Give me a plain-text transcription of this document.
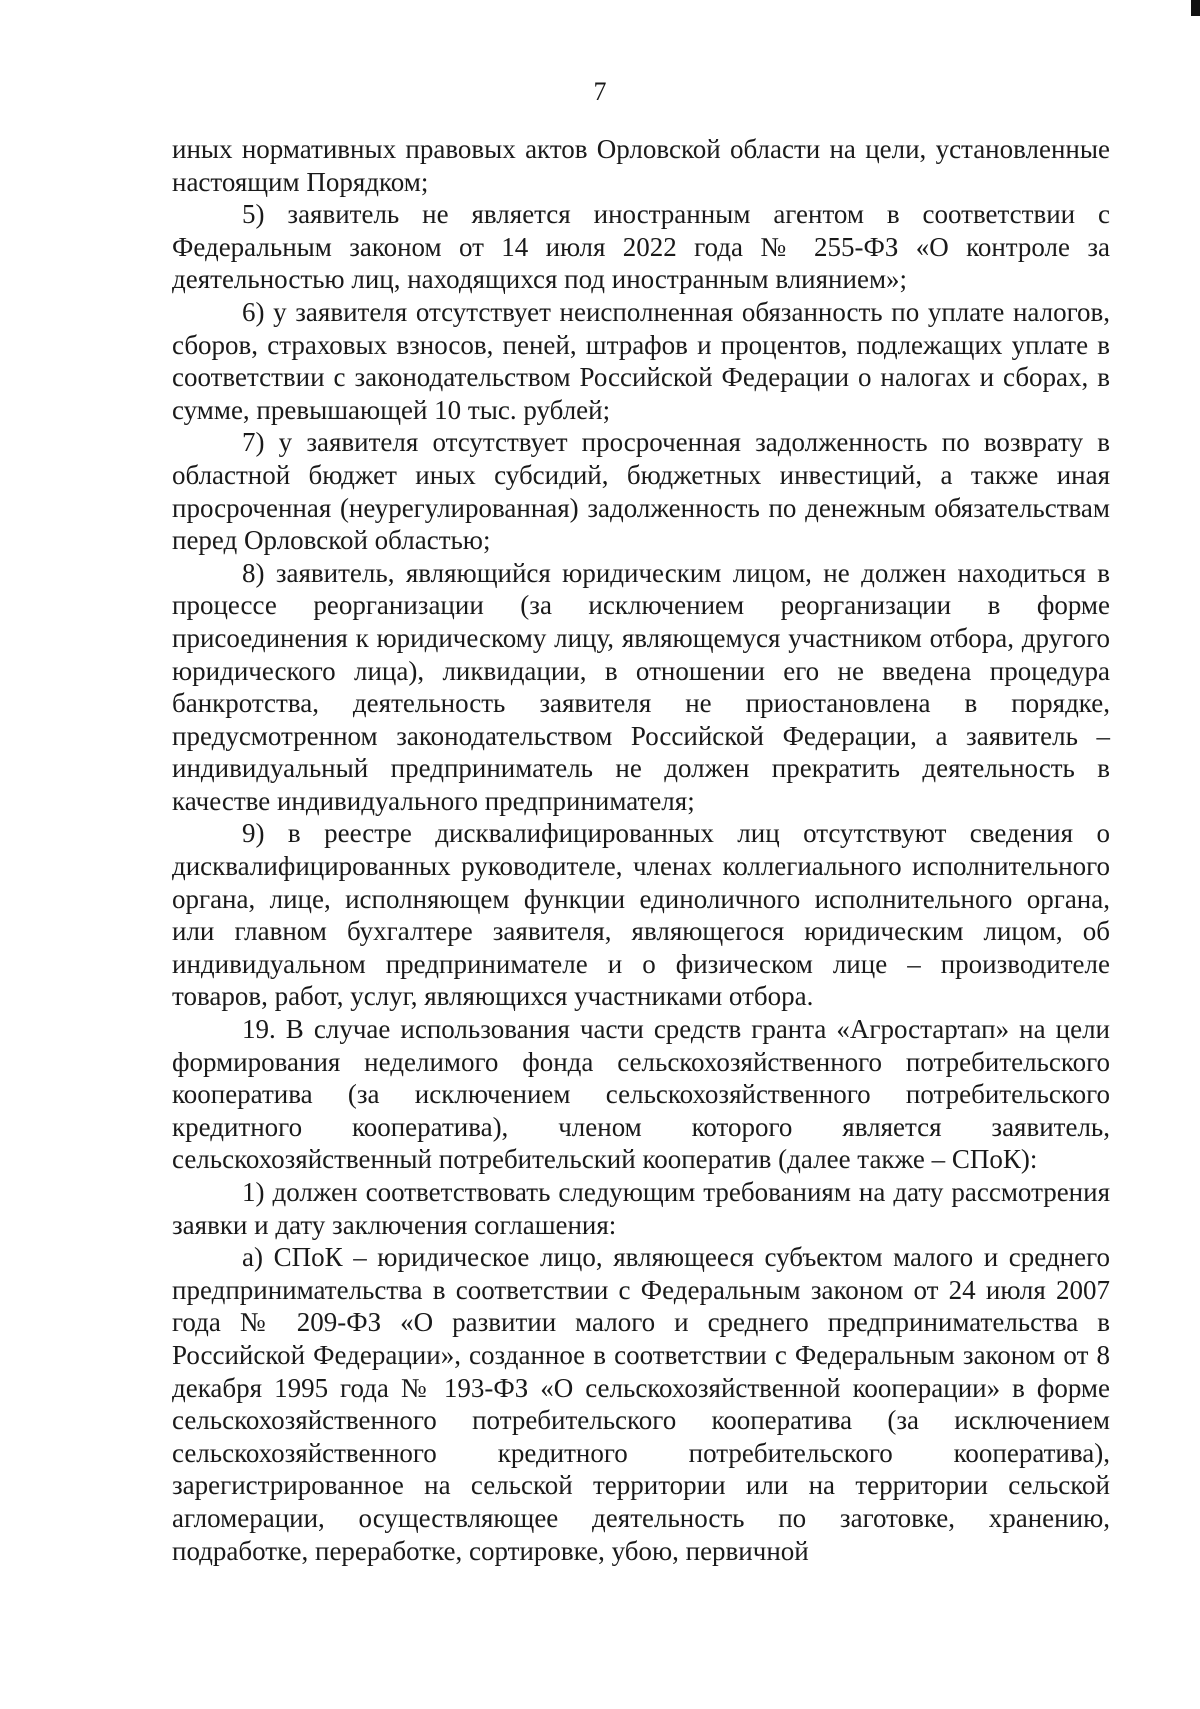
7

иных нормативных правовых актов Орловской области на цели, установленные настоящим Порядком;

5) заявитель не является иностранным агентом в соответствии с Федеральным законом от 14 июля 2022 года № 255-ФЗ «О контроле за деятельностью лиц, находящихся под иностранным влиянием»;

6) у заявителя отсутствует неисполненная обязанность по уплате налогов, сборов, страховых взносов, пеней, штрафов и процентов, подлежащих уплате в соответствии с законодательством Российской Федерации о налогах и сборах, в сумме, превышающей 10 тыс. рублей;

7) у заявителя отсутствует просроченная задолженность по возврату в областной бюджет иных субсидий, бюджетных инвестиций, а также иная просроченная (неурегулированная) задолженность по денежным обязательствам перед Орловской областью;

8) заявитель, являющийся юридическим лицом, не должен находиться в процессе реорганизации (за исключением реорганизации в форме присоединения к юридическому лицу, являющемуся участником отбора, другого юридического лица), ликвидации, в отношении его не введена процедура банкротства, деятельность заявителя не приостановлена в порядке, предусмотренном законодательством Российской Федерации, а заявитель – индивидуальный предприниматель не должен прекратить деятельность в качестве индивидуального предпринимателя;

9) в реестре дисквалифицированных лиц отсутствуют сведения о дисквалифицированных руководителе, членах коллегиального исполнительного органа, лице, исполняющем функции единоличного исполнительного органа, или главном бухгалтере заявителя, являющегося юридическим лицом, об индивидуальном предпринимателе и о физическом лице – производителе товаров, работ, услуг, являющихся участниками отбора.

19. В случае использования части средств гранта «Агростартап» на цели формирования неделимого фонда сельскохозяйственного потребительского кооператива (за исключением сельскохозяйственного потребительского кредитного кооператива), членом которого является заявитель, сельскохозяйственный потребительский кооператив (далее также – СПоК):

1) должен соответствовать следующим требованиям на дату рассмотрения заявки и дату заключения соглашения:

а) СПоК – юридическое лицо, являющееся субъектом малого и среднего предпринимательства в соответствии с Федеральным законом от 24 июля 2007 года № 209-ФЗ «О развитии малого и среднего предпринимательства в Российской Федерации», созданное в соответствии с Федеральным законом от 8 декабря 1995 года № 193-ФЗ «О сельскохозяйственной кооперации» в форме сельскохозяйственного потребительского кооператива (за исключением сельскохозяйственного кредитного потребительского кооператива), зарегистрированное на сельской территории или на территории сельской агломерации, осуществляющее деятельность по заготовке, хранению, подработке, переработке, сортировке, убою, первичной
